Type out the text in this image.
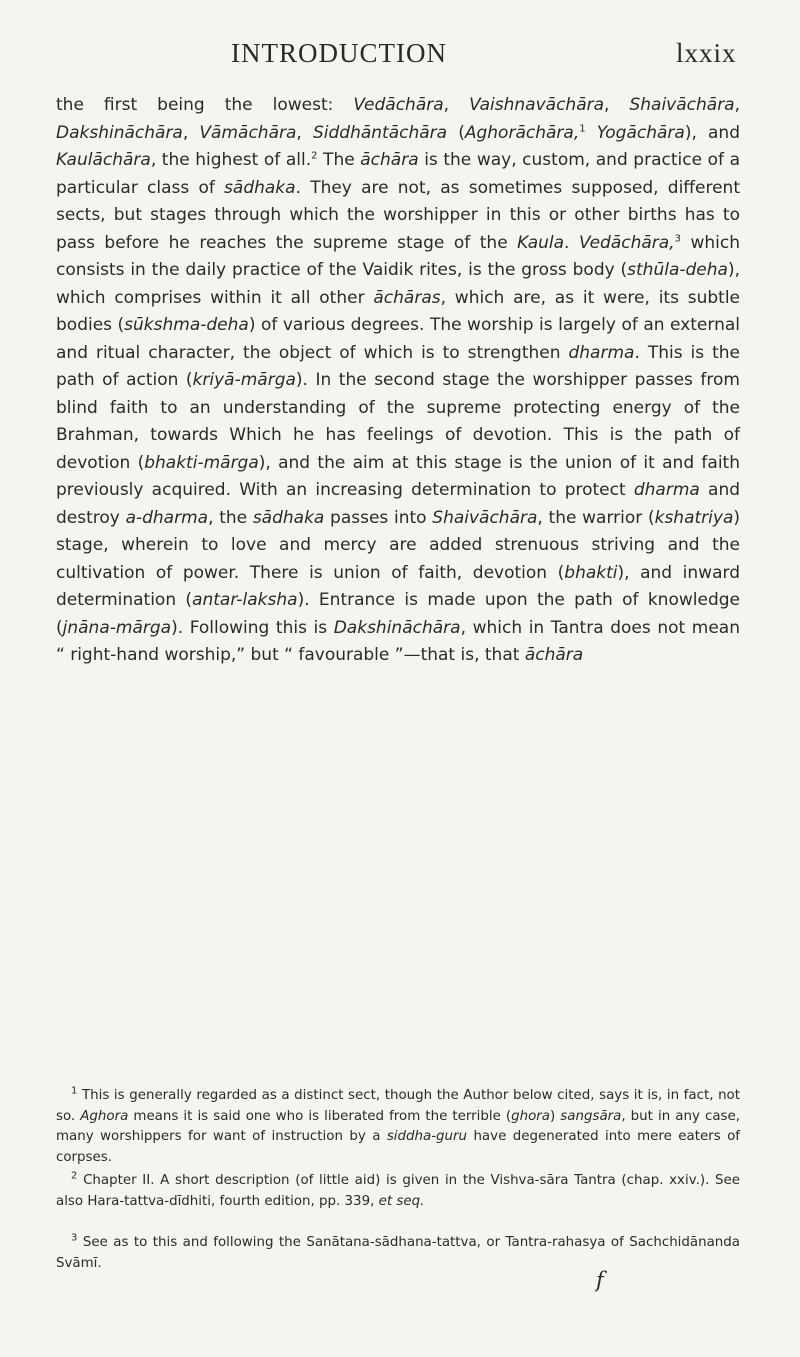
INTRODUCTION	lxxix

the first being the lowest: Vedāchāra, Vaishnavāchāra, Shaivāchāra, Dakshināchāra, Vāmāchāra, Siddhāntāchāra (Aghorāchāra,$^1$ Yogāchāra), and Kaulāchāra, the highest of all.$^2$ The āchāra is the way, custom, and practice of a particular class of sādhaka. They are not, as sometimes supposed, different sects, but stages through which the worshipper in this or other births has to pass before he reaches the supreme stage of the Kaula. Vedāchāra,$^3$ which consists in the daily practice of the Vaidik rites, is the gross body (sthūla-deha), which comprises within it all other āchāras, which are, as it were, its subtle bodies (sūkshma-deha) of various degrees. The worship is largely of an external and ritual character, the object of which is to strengthen dharma. This is the path of action (kriyā-mārga). In the second stage the worshipper passes from blind faith to an understanding of the supreme protecting energy of the Brahman, towards Which he has feelings of devotion. This is the path of devotion (bhakti-mārga), and the aim at this stage is the union of it and faith previously acquired. With an increasing determination to protect dharma and destroy a-dharma, the sādhaka passes into Shaivāchāra, the warrior (kshatriya) stage, wherein to love and mercy are added strenuous striving and the cultivation of power. There is union of faith, devotion (bhakti), and inward determination (antar-laksha). Entrance is made upon the path of knowledge (jnāna-mārga). Following this is Dakshināchāra, which in Tantra does not mean “ right-hand worship,” but “ favourable ”—that is, that āchāra

$^1$ This is generally regarded as a distinct sect, though the Author below cited, says it is, in fact, not so. Aghora means it is said one who is liberated from the terrible (ghora) sangsāra, but in any case, many worshippers for want of instruction by a siddha-guru have degenerated into mere eaters of corpses.

$^2$ Chapter II. A short description (of little aid) is given in the Vishva-sāra Tantra (chap. xxiv.). See also Hara-tattva-dīdhiti, fourth edition, pp. 339, et seq.

$^3$ See as to this and following the Sanātana-sādhana-tattva, or Tantra-rahasya of Sachchidānanda Svāmī.

f
